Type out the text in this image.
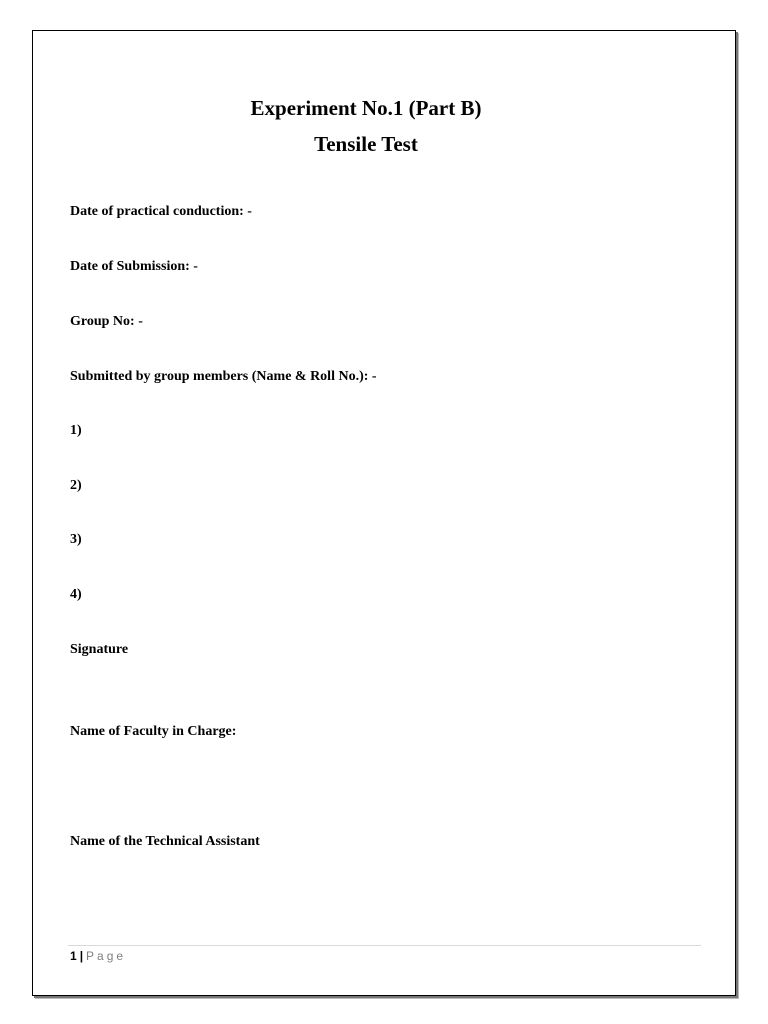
Experiment No.1 (Part B)
Tensile Test
Date of practical conduction: -
Date of Submission: -
Group No: -
Submitted by group members (Name & Roll No.): -
1)
2)
3)
4)
Signature
Name of Faculty in Charge:
Name of the Technical Assistant
1 | Page
